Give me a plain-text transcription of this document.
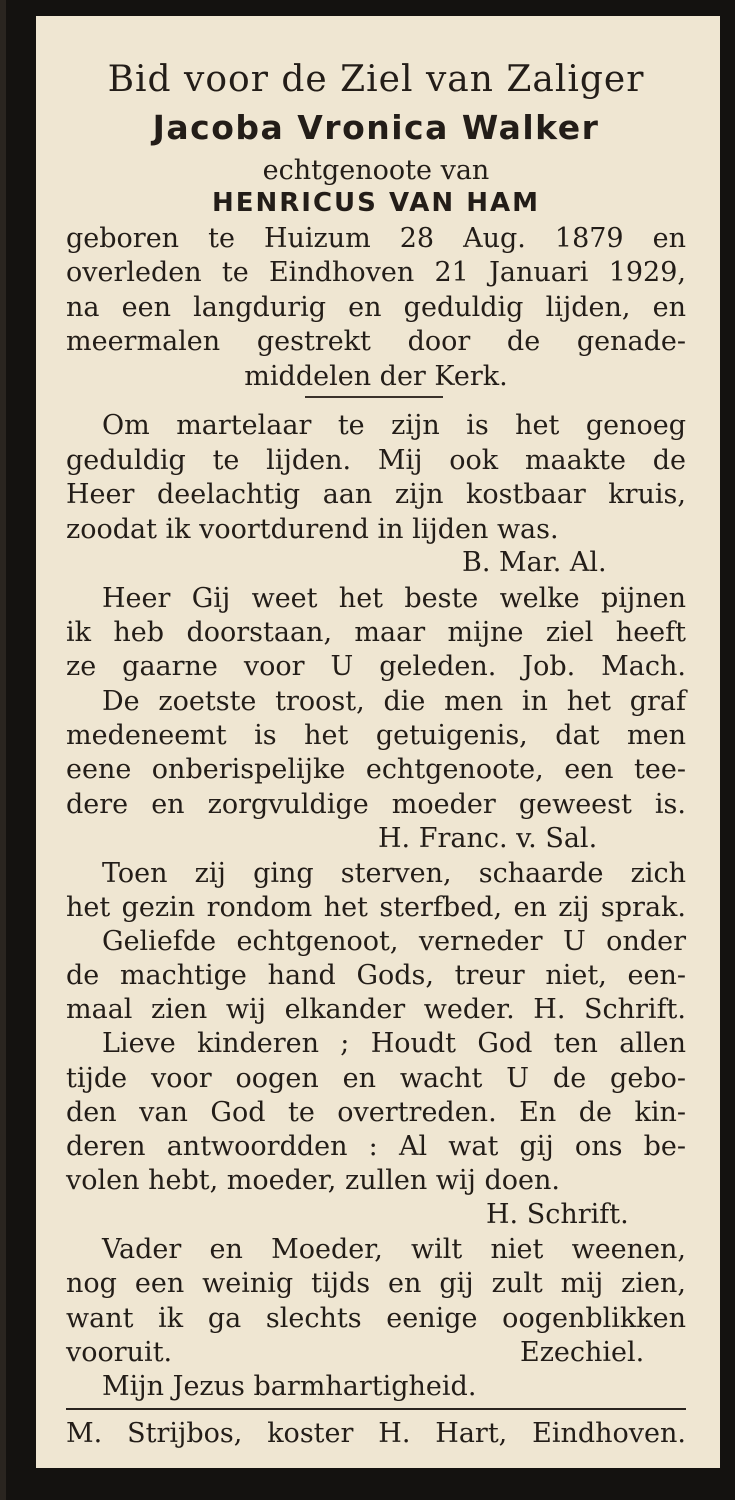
Bid voor de Ziel van Zaliger
Jacoba Vronica Walker
echtgenoote van
HENRICUS VAN HAM
geboren te Huizum 28 Aug. 1879 en
overleden te Eindhoven 21 Januari 1929,
na een langdurig en geduldig lijden, en
meermalen gestrekt door de genade-
middelen der Kerk.
Om martelaar te zijn is het genoeg
geduldig te lijden. Mij ook maakte de
Heer deelachtig aan zijn kostbaar kruis,
zoodat ik voortdurend in lijden was.
B. Mar. Al.
Heer Gij weet het beste welke pijnen
ik heb doorstaan, maar mijne ziel heeft
ze gaarne voor U geleden. Job. Mach.
De zoetste troost, die men in het graf
medeneemt is het getuigenis, dat men
eene onberispelijke echtgenoote, een tee-
dere en zorgvuldige moeder geweest is.
H. Franc. v. Sal.
Toen zij ging sterven, schaarde zich
het gezin rondom het sterfbed, en zij sprak.
Geliefde echtgenoot, verneder U onder
de machtige hand Gods, treur niet, een-
maal zien wij elkander weder. H. Schrift.
Lieve kinderen ; Houdt God ten allen
tijde voor oogen en wacht U de gebo-
den van God te overtreden. En de kin-
deren antwoordden : Al wat gij ons be-
volen hebt, moeder, zullen wij doen.
H. Schrift.
Vader en Moeder, wilt niet weenen,
nog een weinig tijds en gij zult mij zien,
want ik ga slechts eenige oogenblikken
vooruit.	Ezechiel.
Mijn Jezus barmhartigheid.
M. Strijbos, koster H. Hart, Eindhoven.
